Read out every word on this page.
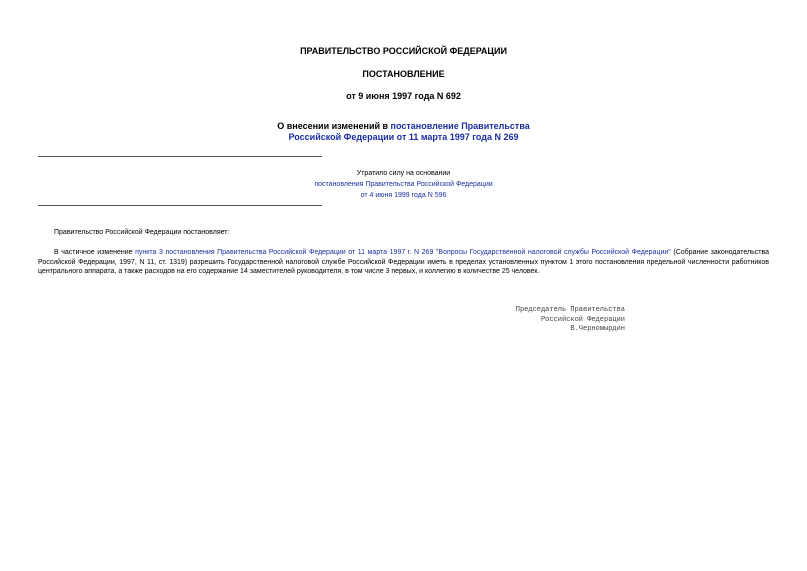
ПРАВИТЕЛЬСТВО РОССИЙСКОЙ ФЕДЕРАЦИИ
ПОСТАНОВЛЕНИЕ
от 9 июня 1997 года N 692
О внесении изменений в постановление Правительства
Российской Федерации от 11 марта 1997 года N 269
Утратило силу на основании
постановления Правительства Российской Федерации
от 4 июня 1999 года N 596
Правительство Российской Федерации постановляет:
В частичное изменение пункта 3 постановления Правительства Российской Федерации от 11 марта 1997 г. N 269 "Вопросы Государственной налоговой службы Российской Федерации" (Собрание законодательства Российской Федерации, 1997, N 11, ст. 1319) разрешить Государственной налоговой службе Российской Федерации иметь в пределах установленных пунктом 1 этого постановления предельной численности работников центрального аппарата, а также расходов на его содержание 14 заместителей руководителя, в том числе 3 первых, и коллегию в количестве 25 человек.
Председатель Правительства
Российской Федерации
В.Черномырдин
